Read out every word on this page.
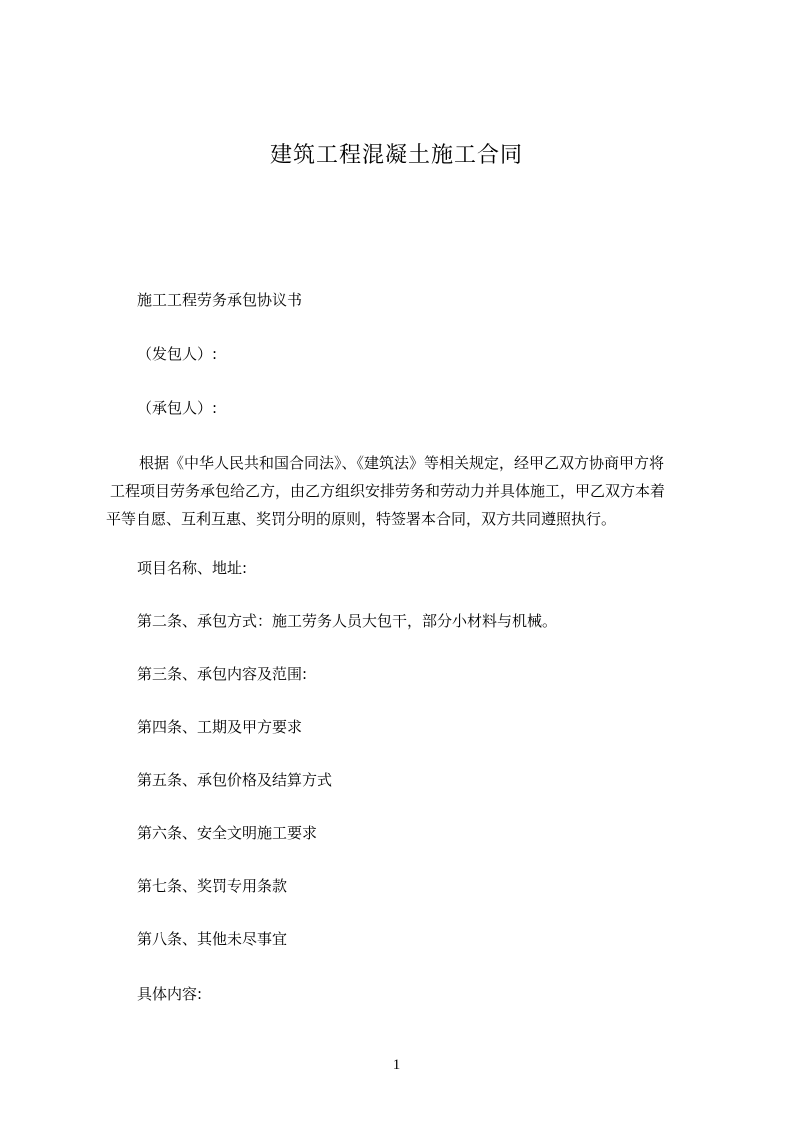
建筑工程混凝土施工合同
施工工程劳务承包协议书
（发包人）:
（承包人）:
根据《中华人民共和国合同法》、《建筑法》等相关规定，经甲乙双方协商甲方将
工程项目劳务承包给乙方，由乙方组织安排劳务和劳动力并具体施工，甲乙双方本着
平等自愿、互利互惠、奖罚分明的原则，特签署本合同，双方共同遵照执行。
项目名称、地址:
第二条、承包方式：施工劳务人员大包干，部分小材料与机械。
第三条、承包内容及范围:
第四条、工期及甲方要求
第五条、承包价格及结算方式
第六条、安全文明施工要求
第七条、奖罚专用条款
第八条、其他未尽事宜
具体内容:
1
